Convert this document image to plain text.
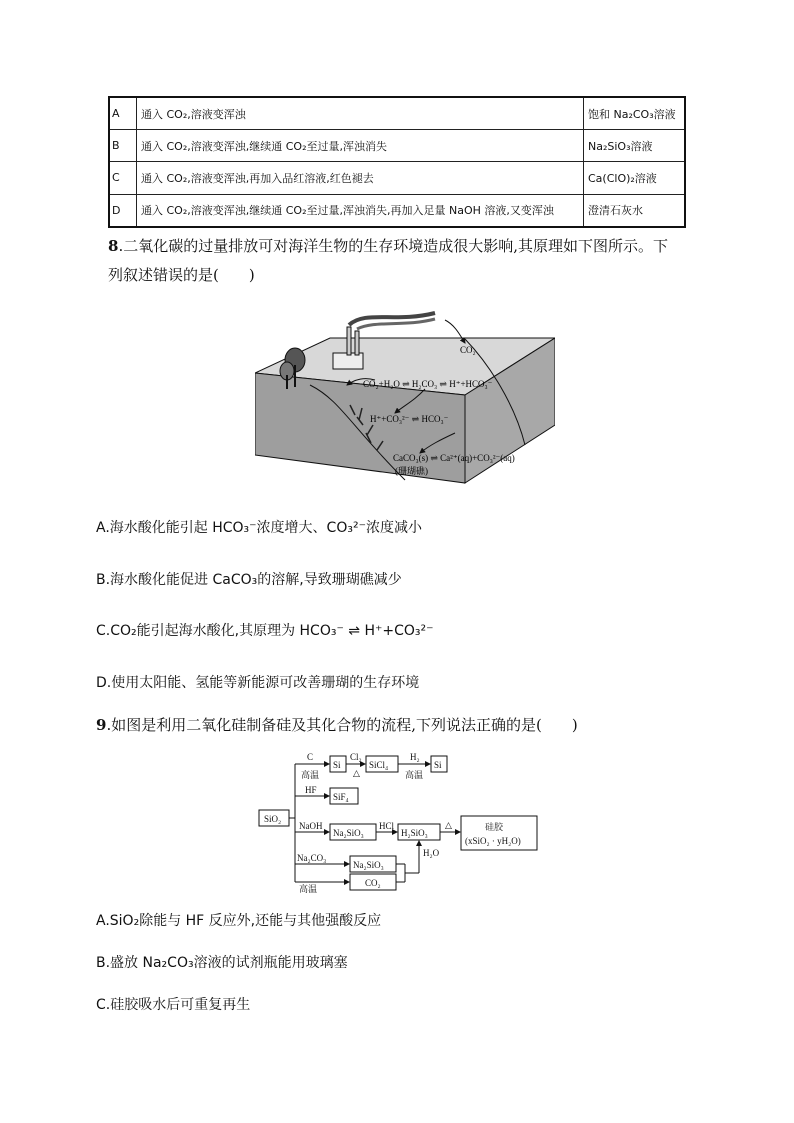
A	通入 CO₂,溶液变浑浊	饱和 Na₂CO₃溶液
B	通入 CO₂,溶液变浑浊,继续通 CO₂至过量,浑浊消失	Na₂SiO₃溶液
C	通入 CO₂,溶液变浑浊,再加入品红溶液,红色褪去	Ca(ClO)₂溶液
D	通入 CO₂,溶液变浑浊,继续通 CO₂至过量,浑浊消失,再加入足量 NaOH 溶液,又变浑浊	澄清石灰水
8.二氧化碳的过量排放可对海洋生物的生存环境造成很大影响,其原理如下图所示。下
列叙述错误的是(　　)
CO₂
CO₂+H₂O ⇌ H₂CO₃ ⇌ H⁺+HCO₃⁻
H⁺+CO₃²⁻ ⇌ HCO₃⁻
CaCO₃(s) ⇌ Ca²⁺(aq)+CO₃²⁻(aq)
(珊瑚礁)
A.海水酸化能引起 HCO₃⁻浓度增大、CO₃²⁻浓度减小
B.海水酸化能促进 CaCO₃的溶解,导致珊瑚礁减少
C.CO₂能引起海水酸化,其原理为 HCO₃⁻ ⇌ H⁺+CO₃²⁻
D.使用太阳能、氢能等新能源可改善珊瑚的生存环境
9.如图是利用二氧化硅制备硅及其化合物的流程,下列说法正确的是(　　)
SiO₂
C
高温
Si
Cl₂
△
SiCl₄
H₂
高温
Si
HF
SiF₄
NaOH
Na₂SiO₃
HCl
H₂SiO₃
△	硅胶
(xSiO₂ · yH₂O)
Na₂CO₃
高温
Na₂SiO₃
CO₂
H₂O
A.SiO₂除能与 HF 反应外,还能与其他强酸反应
B.盛放 Na₂CO₃溶液的试剂瓶能用玻璃塞
C.硅胶吸水后可重复再生
